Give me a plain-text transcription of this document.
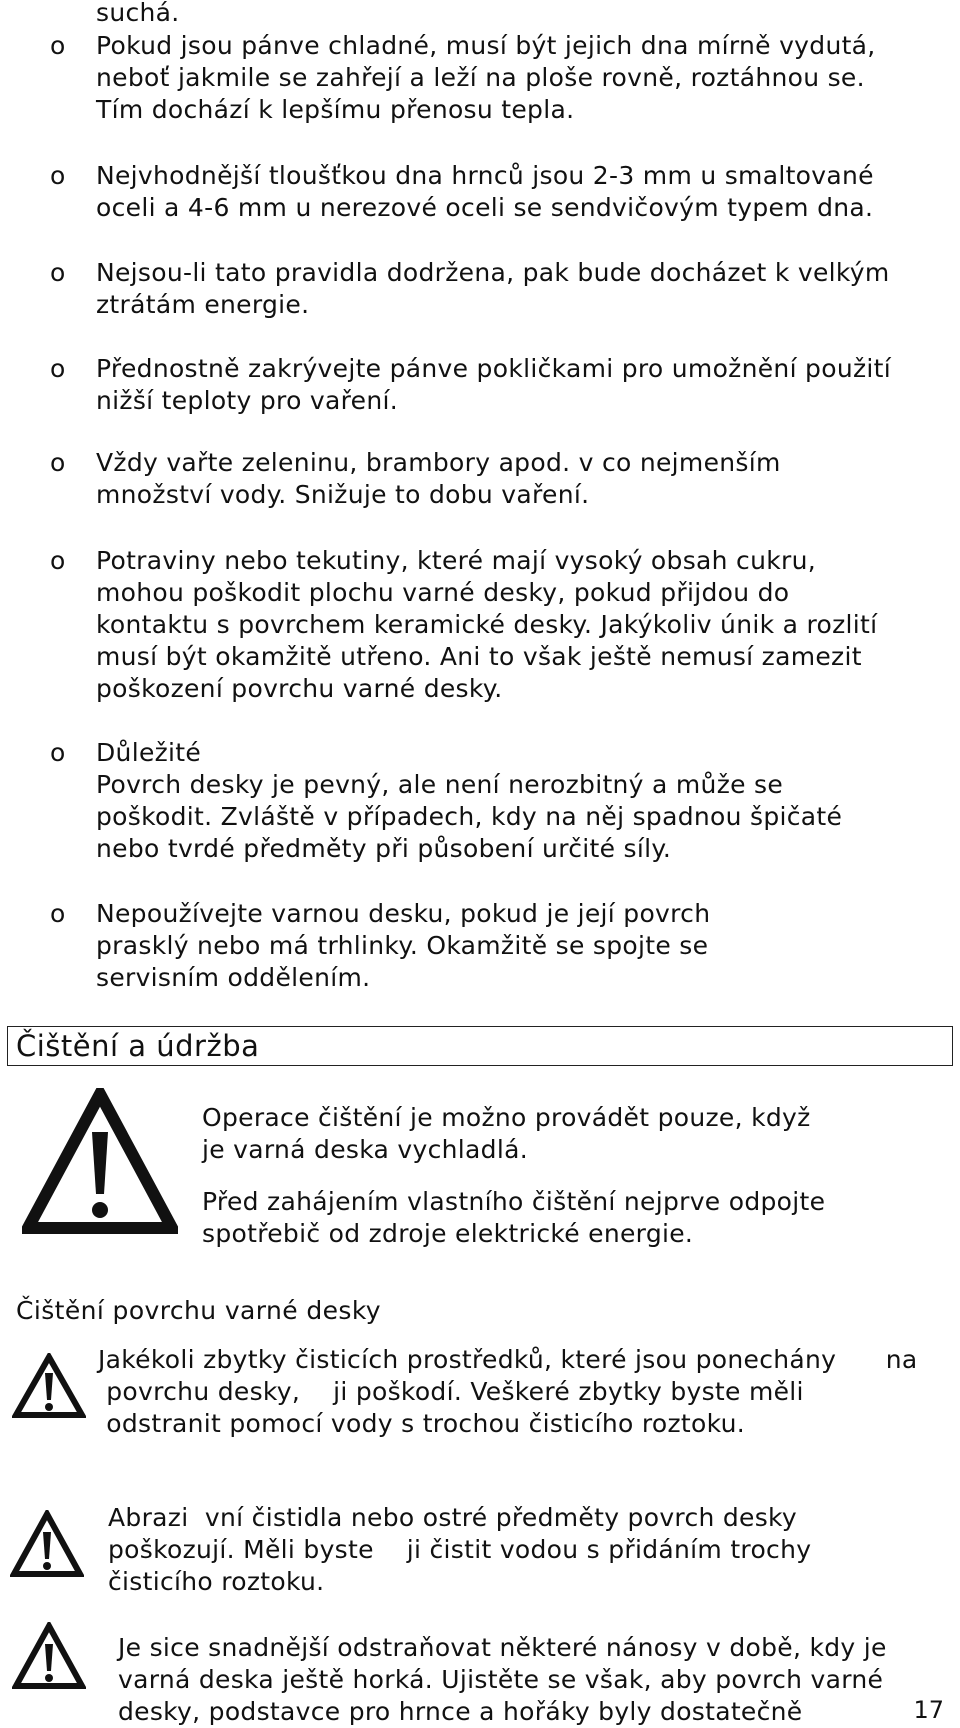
suchá.
o Pokud jsou pánve chladné, musí být jejich dna mírně vydutá,
neboť jakmile se zahřejí a leží na ploše rovně, roztáhnou se.
Tím dochází k lepšímu přenosu tepla.
o Nejvhodnější tloušťkou dna hrnců jsou 2-3 mm u smaltované
oceli a 4-6 mm u nerezové oceli se sendvičovým typem dna.
o Nejsou-li tato pravidla dodržena, pak bude docházet k velkým
ztrátám energie.
o Přednostně zakrývejte pánve pokličkami pro umožnění použití
nižší teploty pro vaření.
o Vždy vařte zeleninu, brambory apod. v co nejmenším
množství vody. Snižuje to dobu vaření.
o Potraviny nebo tekutiny, které mají vysoký obsah cukru,
mohou poškodit plochu varné desky, pokud přijdou do
kontaktu s povrchem keramické desky. Jakýkoliv únik a rozlití
musí být okamžitě utřeno. Ani to však ještě nemusí zamezit
poškození povrchu varné desky.
o Důležité
Povrch desky je pevný, ale není nerozbitný a může se
poškodit. Zvláště v případech, kdy na něj spadnou špičaté
nebo tvrdé předměty při působení určité síly.
o Nepoužívejte varnou desku, pokud je její povrch
prasklý nebo má trhlinky. Okamžitě se spojte se
servisním oddělením.
Čištění a údržba
Operace čištění je možno provádět pouze, když
je varná deska vychladlá.
Před zahájením vlastního čištění nejprve odpojte
spotřebič od zdroje elektrické energie.
Čištění povrchu varné desky
Jakékoli zbytky čisticích prostředků, které jsou ponechány      na
povrchu desky,    ji poškodí. Veškeré zbytky byste měli
odstranit pomocí vody s trochou čisticího roztoku.
Abrazi  vní čistidla nebo ostré předměty povrch desky
poškozují. Měli byste    ji čistit vodou s přidáním trochy
čisticího roztoku.
Je sice snadnější odstraňovat některé nánosy v době, kdy je
varná deska ještě horká. Ujistěte se však, aby povrch varné
desky, podstavce pro hrnce a hořáky byly dostatečně	17
